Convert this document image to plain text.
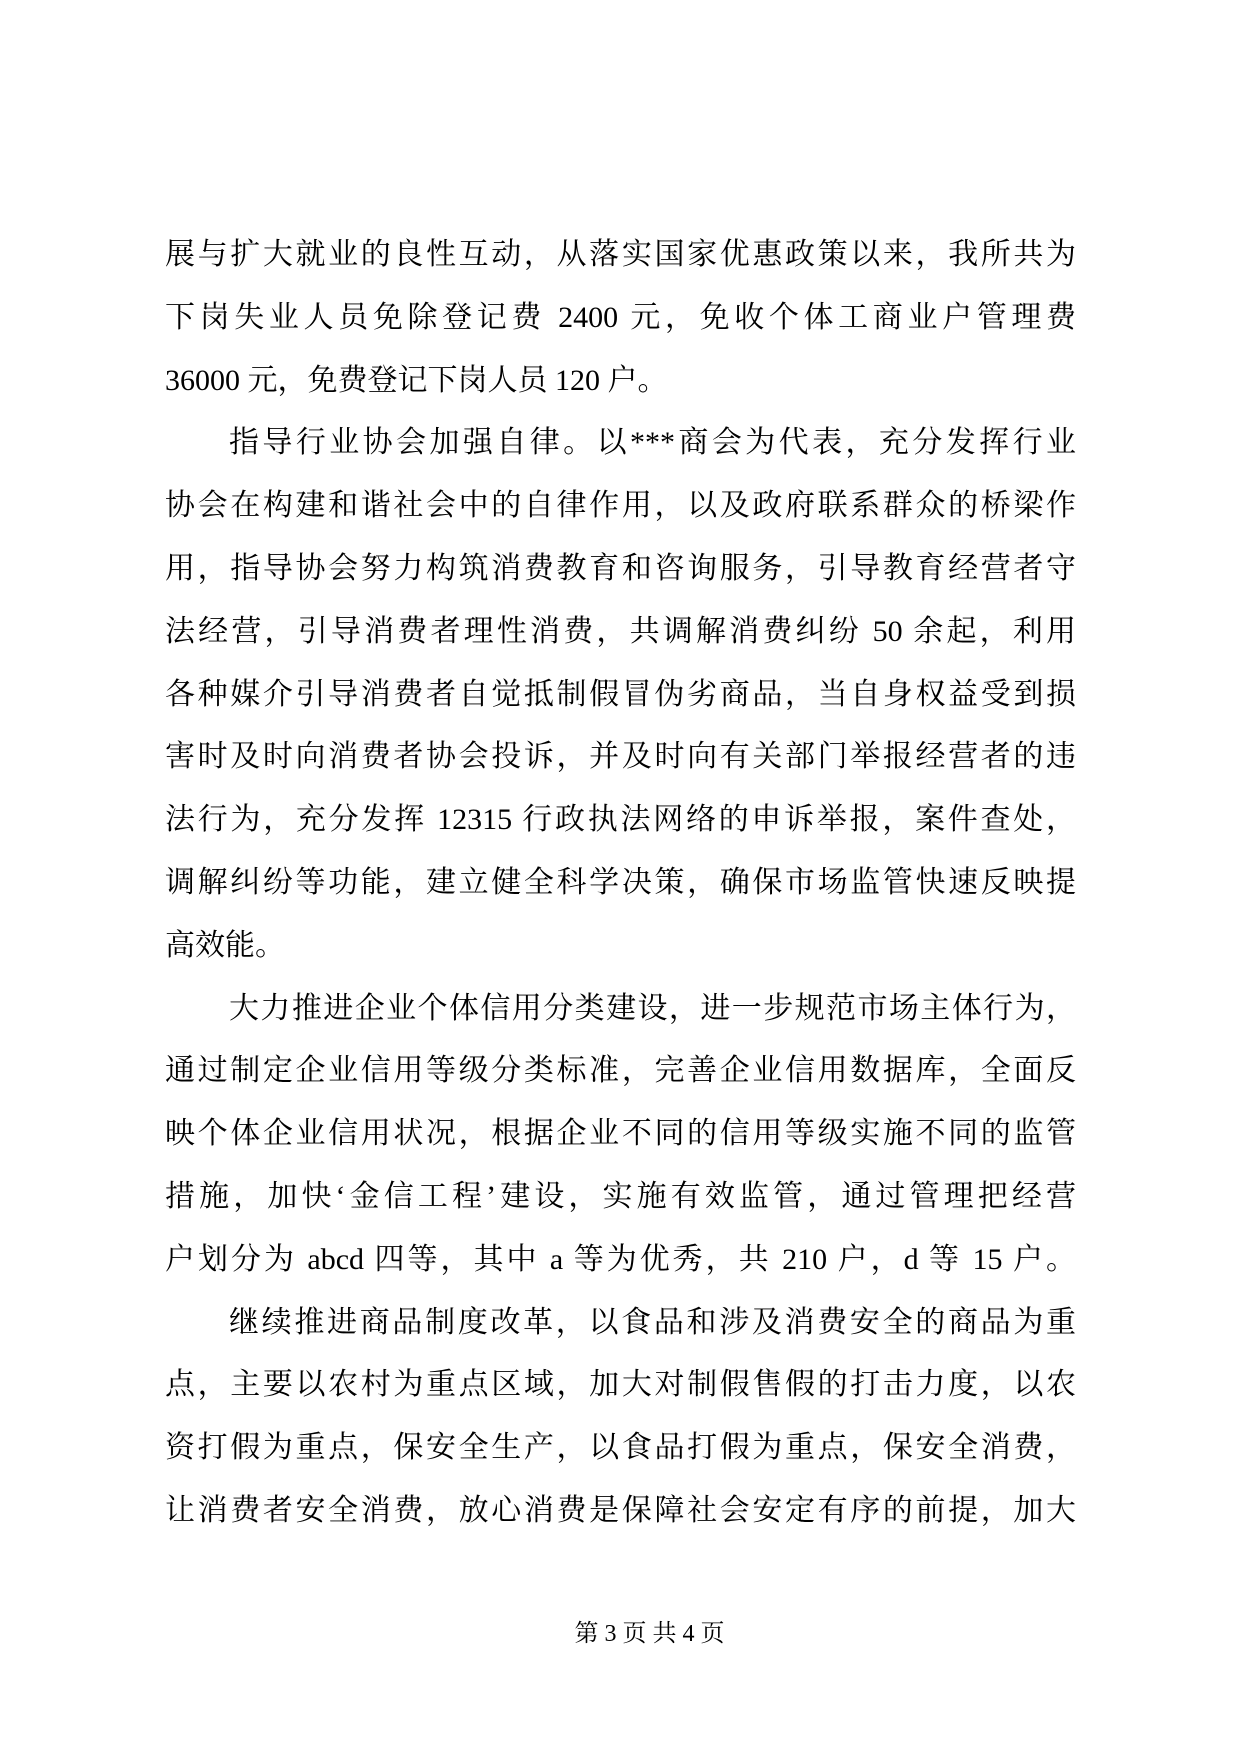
展与扩大就业的良性互动，从落实国家优惠政策以来，我所共为
下岗失业人员免除登记费 2400 元，免收个体工商业户管理费
36000 元，免费登记下岗人员 120 户。
指导行业协会加强自律。以***商会为代表，充分发挥行业
协会在构建和谐社会中的自律作用，以及政府联系群众的桥梁作
用，指导协会努力构筑消费教育和咨询服务，引导教育经营者守
法经营，引导消费者理性消费，共调解消费纠纷 50 余起，利用
各种媒介引导消费者自觉抵制假冒伪劣商品，当自身权益受到损
害时及时向消费者协会投诉，并及时向有关部门举报经营者的违
法行为，充分发挥 12315 行政执法网络的申诉举报，案件查处，
调解纠纷等功能，建立健全科学决策，确保市场监管快速反映提
高效能。
大力推进企业个体信用分类建设，进一步规范市场主体行为，
通过制定企业信用等级分类标准，完善企业信用数据库，全面反
映个体企业信用状况，根据企业不同的信用等级实施不同的监管
措施，加快‘金信工程’建设，实施有效监管，通过管理把经营
户划分为 abcd 四等，其中 a 等为优秀，共 210 户，d 等 15 户。
继续推进商品制度改革，以食品和涉及消费安全的商品为重
点，主要以农村为重点区域，加大对制假售假的打击力度，以农
资打假为重点，保安全生产，以食品打假为重点，保安全消费，
让消费者安全消费，放心消费是保障社会安定有序的前提，加大
第 3 页 共 4 页
